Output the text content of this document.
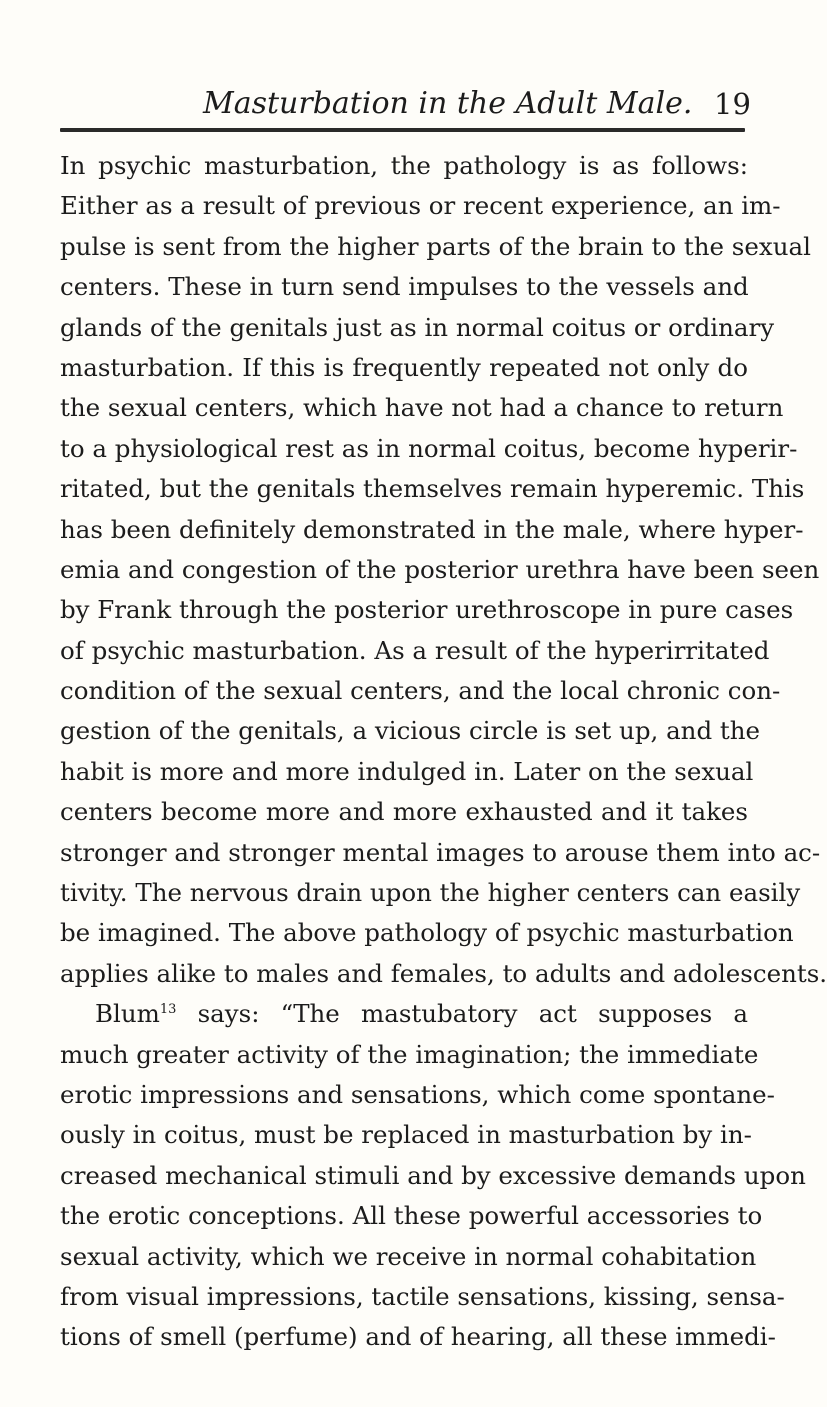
Masturbation in the Adult Male. 19
In psychic masturbation, the pathology is as follows:
Either as a result of previous or recent experience, an im-
pulse is sent from the higher parts of the brain to the sexual
centers. These in turn send impulses to the vessels and
glands of the genitals just as in normal coitus or ordinary
masturbation. If this is frequently repeated not only do
the sexual centers, which have not had a chance to return
to a physiological rest as in normal coitus, become hyperir-
ritated, but the genitals themselves remain hyperemic. This
has been definitely demonstrated in the male, where hyper-
emia and congestion of the posterior urethra have been seen
by Frank through the posterior urethroscope in pure cases
of psychic masturbation. As a result of the hyperirritated
condition of the sexual centers, and the local chronic con-
gestion of the genitals, a vicious circle is set up, and the
habit is more and more indulged in. Later on the sexual
centers become more and more exhausted and it takes
stronger and stronger mental images to arouse them into ac-
tivity. The nervous drain upon the higher centers can easily
be imagined. The above pathology of psychic masturbation
applies alike to males and females, to adults and adolescents.
Blum$^{13}$ says: “The mastubatory act supposes a
much greater activity of the imagination; the immediate
erotic impressions and sensations, which come spontane-
ously in coitus, must be replaced in masturbation by in-
creased mechanical stimuli and by excessive demands upon
the erotic conceptions. All these powerful accessories to
sexual activity, which we receive in normal cohabitation
from visual impressions, tactile sensations, kissing, sensa-
tions of smell (perfume) and of hearing, all these immedi-
